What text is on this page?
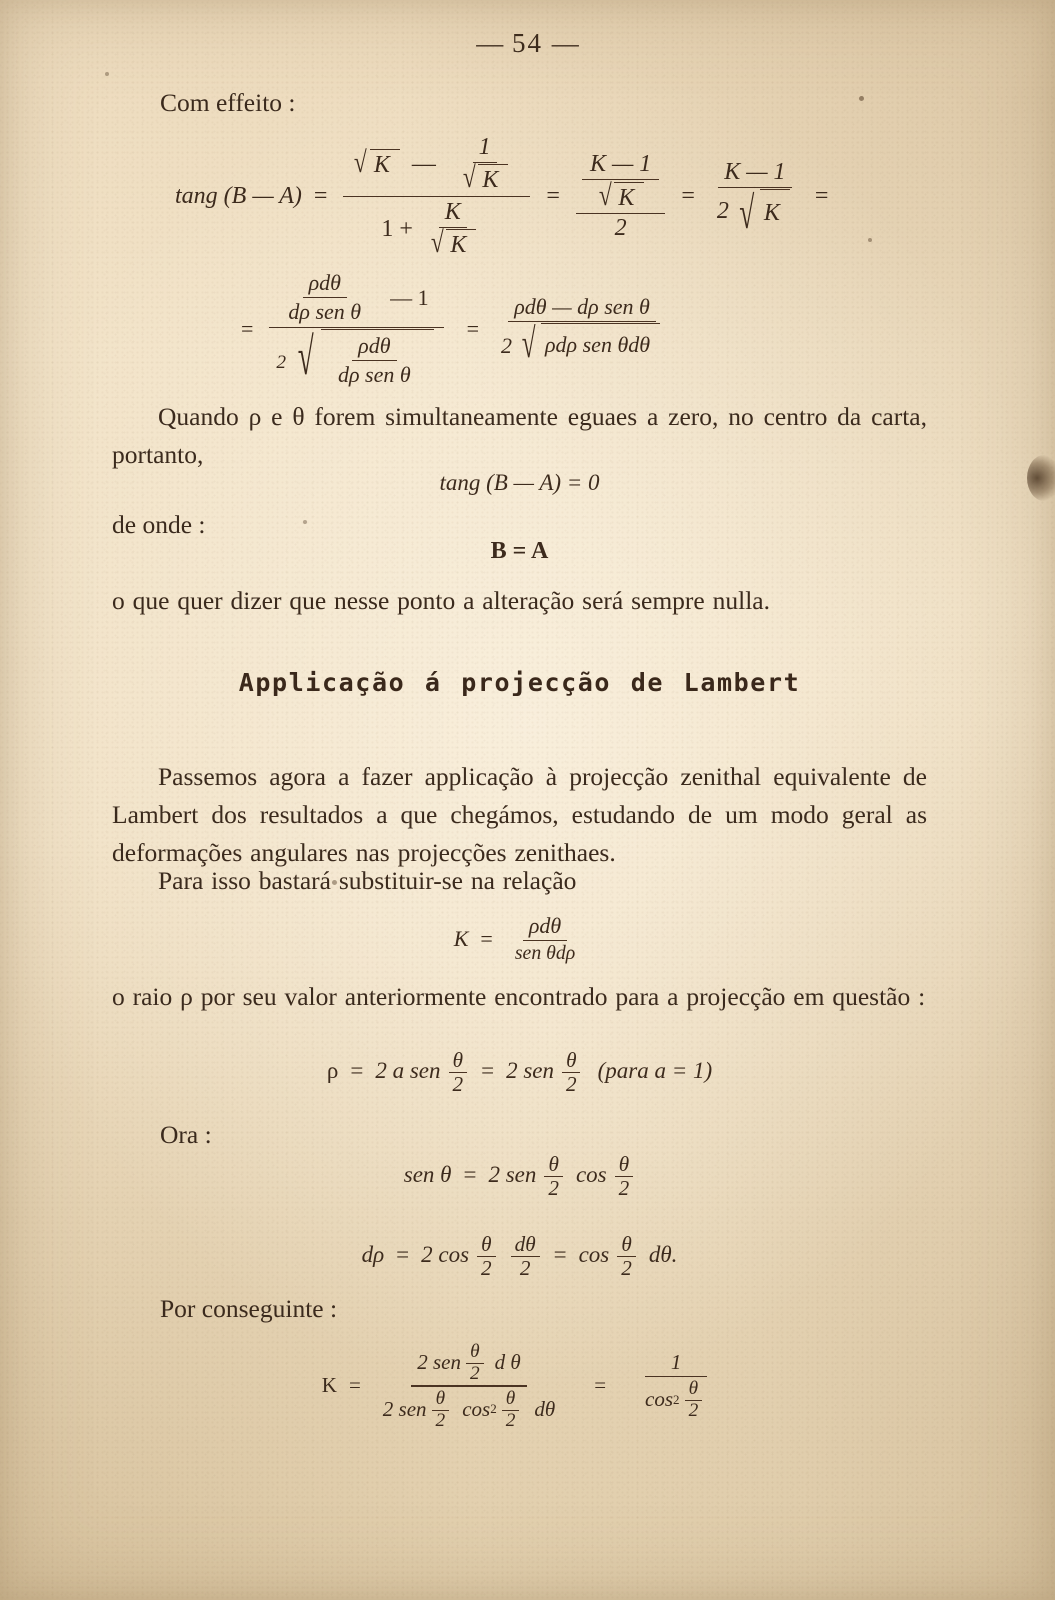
— 54 —
Com effeito :
tang (B — A) =
√ K — $\frac{1}{√ K}$
$1 + \frac{K}{√ K}$
= K — 1
√ K
$2 = \frac{K — 1}{2 √ K}$ =
=
$\frac{\text{ρdθ}}{\text{dρ sen θ}}$ — 1
2 √ $\frac{\text{ρdθ}}{\text{dρ sen θ}}$
= $\frac{\text{ρdθ — dρ sen θ}}{\text{2 √ ρdρ sen θdθ}}$

Quando ρ e θ forem simultaneamente eguaes a zero, no centro da carta, portanto,

tang (B — A) = 0
de onde :
B = A

o que quer dizer que nesse ponto a alteração será sempre nulla.

Applicação á projecção de Lambert

Passemos agora a fazer applicação à projecção zenithal equivalente de Lambert dos resultados a que chegámos, estudando de um modo geral as deformações angulares nas projecções zenithaes.

Para isso bastará substituir-se na relação

$K = \frac{\text{ρdθ}}{\text{sen θdρ}}$

o raio ρ por seu valor anteriormente encontrado para a projecção em questão :

ρ = 2 a sen $\frac{\theta}{2} = 2$ sen θ
2
(para a = 1)
Ora :
sen θ = 2 sen θ
2
cos θ
2
dρ = 2 cos θ
$2 \frac{d\theta}{2} = \cos \theta$
2
dθ.
Por conseguinte :
K =
2 sen θ
2 d θ
2 sen θ
2 cos 2 θ
2 dθ
= 1
cos 2 θ
2
